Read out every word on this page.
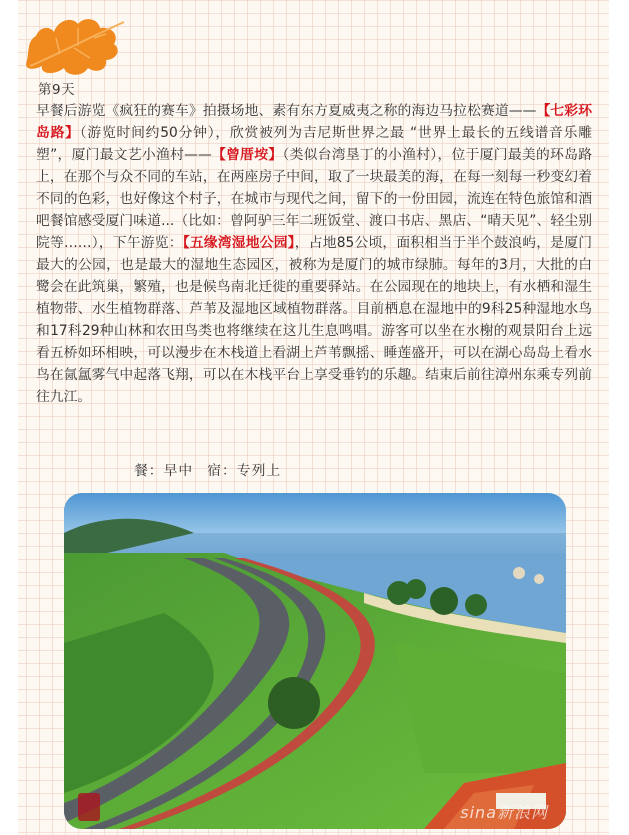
第9天
早餐后游览《疯狂的赛车》拍摄场地、素有东方夏威夷之称的海边马拉松赛道——【七彩环岛路】（游览时间约50分钟），欣赏被列为吉尼斯世界之最 “世界上最长的五线谱音乐雕塑”，厦门最文艺小渔村——【曾厝垵】（类似台湾垦丁的小渔村），位于厦门最美的环岛路上，在那个与众不同的车站，在两座房子中间，取了一块最美的海，在每一刻每一秒变幻着不同的色彩，也好像这个村子，在城市与现代之间，留下的一份田园，流连在特色旅馆和酒吧餐馆感受厦门味道...（比如：曾阿驴三年二班饭堂、渡口书店、黑店、“晴天见”、轻尘别院等……），下午游览：【五缘湾湿地公园】，占地85公顷，面积相当于半个鼓浪屿，是厦门最大的公园，也是最大的湿地生态园区，被称为是厦门的城市绿肺。每年的3月，大批的白鹭会在此筑巢，繁殖，也是候鸟南北迁徙的重要驿站。在公园现在的地块上，有水栖和湿生植物带、水生植物群落、芦苇及湿地区域植物群落。目前栖息在湿地中的9科25种湿地水鸟和17科29种山林和农田鸟类也将继续在这儿生息鸣唱。游客可以坐在水榭的观景阳台上远看五桥如环相映，可以漫步在木栈道上看湖上芦苇飘摇、睡莲盛开，可以在湖心岛岛上看水鸟在氤氲雾气中起落飞翔，可以在木栈平台上享受垂钓的乐趣。结束后前往漳州东乘专列前往九江。
餐：早中 宿：专列上
sina新浪网
